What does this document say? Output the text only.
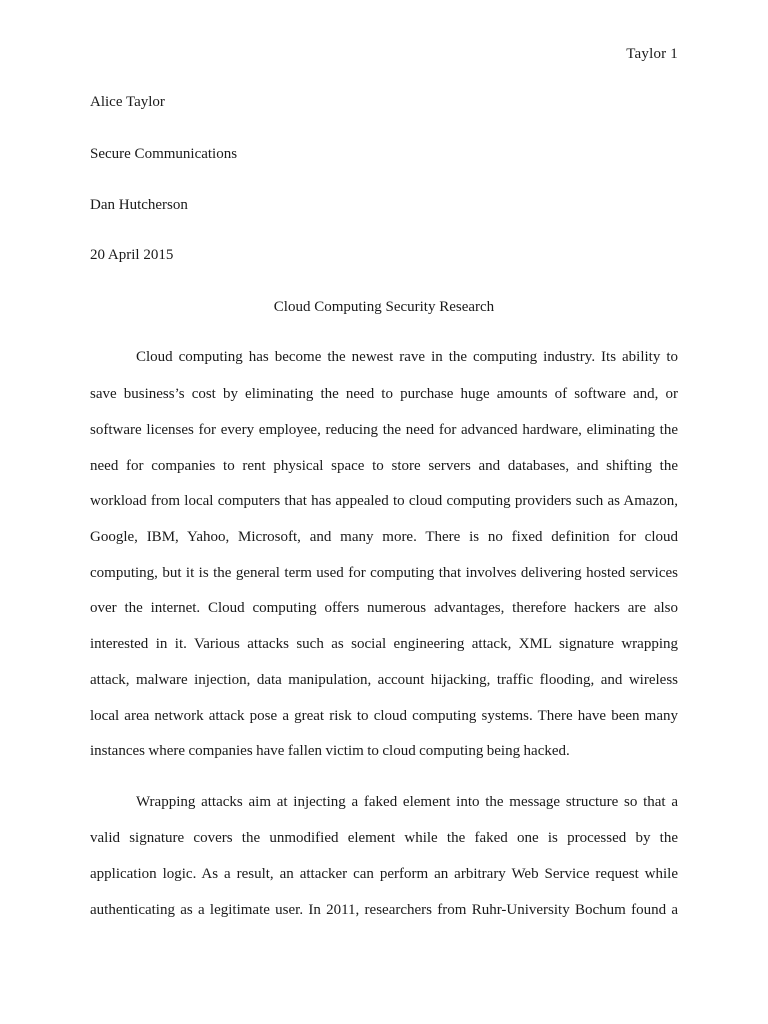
Taylor 1
Alice Taylor
Secure Communications
Dan Hutcherson
20 April 2015
Cloud Computing Security Research
Cloud computing has become the newest rave in the computing industry. Its ability to
save business’s cost by eliminating the need to purchase huge amounts of software and, or
software licenses for every employee, reducing the need for advanced hardware, eliminating the
need for companies to rent physical space to store servers and databases, and shifting the
workload from local computers that has appealed to cloud computing providers such as Amazon,
Google, IBM, Yahoo, Microsoft, and many more. There is no fixed definition for cloud
computing, but it is the general term used for computing that involves delivering hosted services
over the internet. Cloud computing offers numerous advantages, therefore hackers are also
interested in it. Various attacks such as social engineering attack, XML signature wrapping
attack, malware injection, data manipulation, account hijacking, traffic flooding, and wireless
local area network attack pose a great risk to cloud computing systems. There have been many
instances where companies have fallen victim to cloud computing being hacked.
Wrapping attacks aim at injecting a faked element into the message structure so that a
valid signature covers the unmodified element while the faked one is processed by the
application logic. As a result, an attacker can perform an arbitrary Web Service request while
authenticating as a legitimate user. In 2011, researchers from Ruhr-University Bochum found a
